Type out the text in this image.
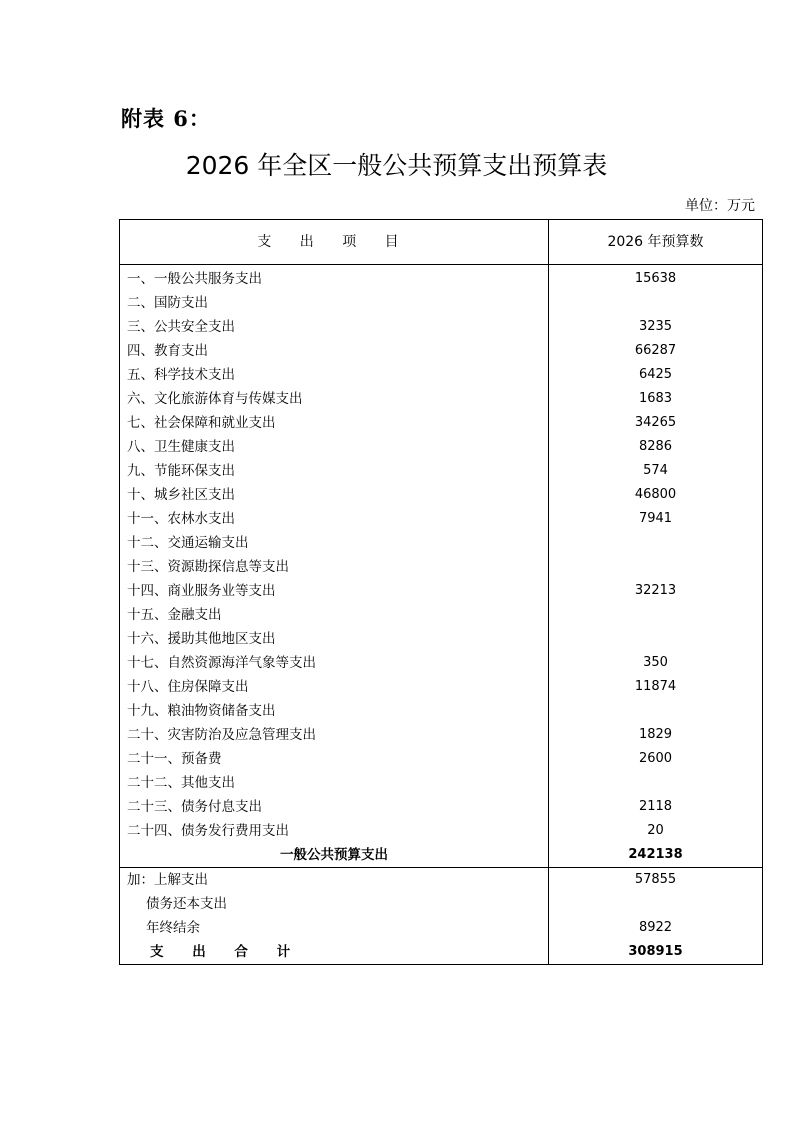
附表 6：
2026 年全区一般公共预算支出预算表
单位：万元
支 出 项 目	2026 年预算数
一、一般公共服务支出	15638
二、国防支出	
三、公共安全支出	3235
四、教育支出	66287
五、科学技术支出	6425
六、文化旅游体育与传媒支出	1683
七、社会保障和就业支出	34265
八、卫生健康支出	8286
九、节能环保支出	574
十、城乡社区支出	46800
十一、农林水支出	7941
十二、交通运输支出	
十三、资源勘探信息等支出	
十四、商业服务业等支出	32213
十五、金融支出	
十六、援助其他地区支出	
十七、自然资源海洋气象等支出	350
十八、住房保障支出	11874
十九、粮油物资储备支出	
二十、灾害防治及应急管理支出	1829
二十一、预备费	2600
二十二、其他支出	
二十三、债务付息支出	2118
二十四、债务发行费用支出	20
一般公共预算支出	242138
加：上解支出	57855
债务还本支出	
年终结余	8922
支 出 合 计	308915
